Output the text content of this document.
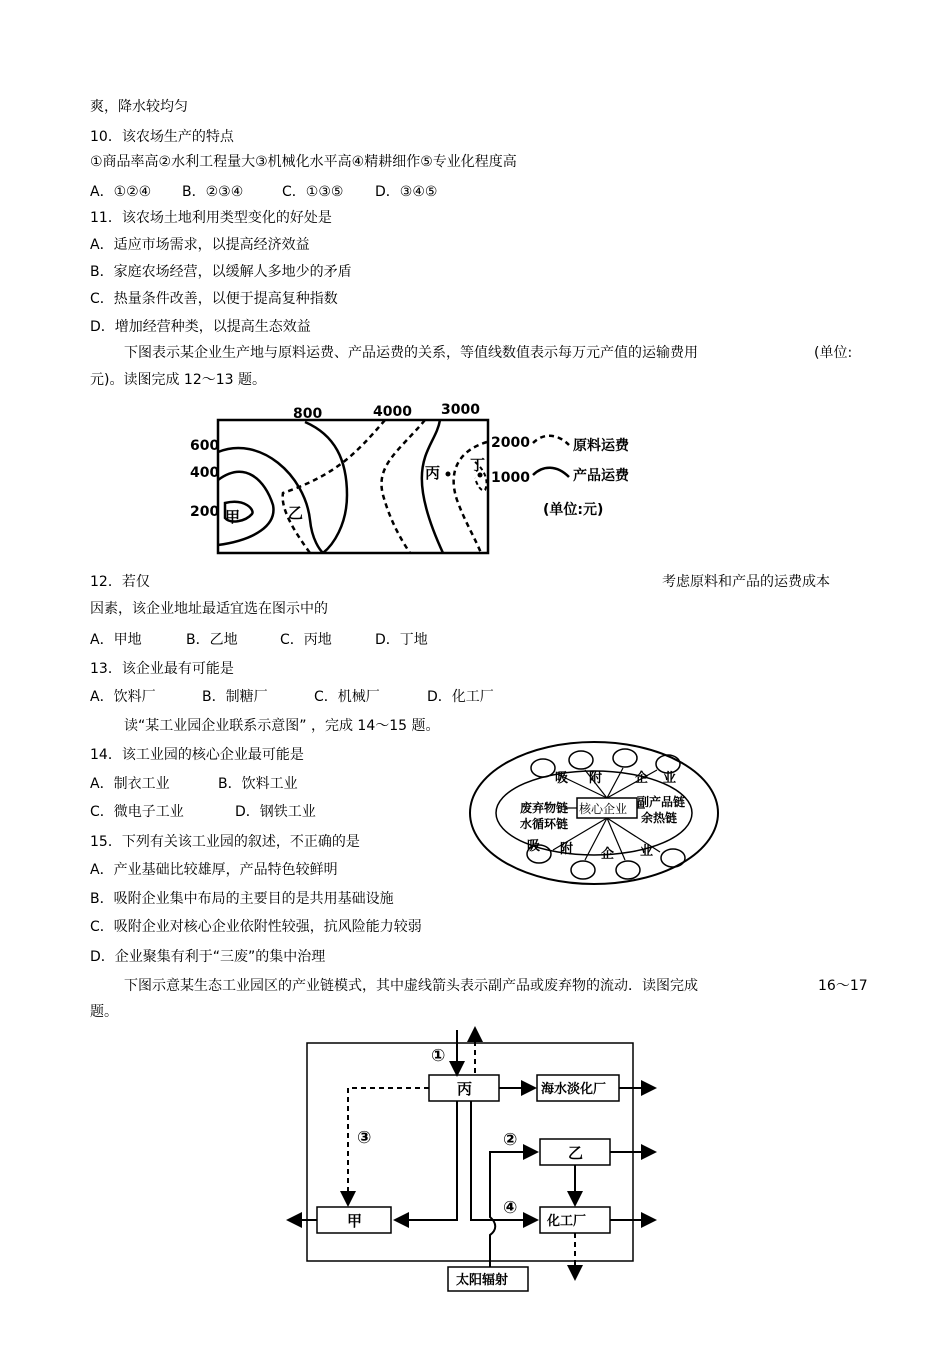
爽，降水较均匀
10．该农场生产的特点
①商品率高②水利工程量大③机械化水平高④精耕细作⑤专业化程度高
A．①②④ B．②③④	C．①③⑤ D．③④⑤
11．该农场土地利用类型变化的好处是
A．适应市场需求，以提高经济效益
B．家庭农场经营，以缓解人多地少的矛盾
C．热量条件改善，以便于提高复种指数
D．增加经营种类，以提高生态效益
下图表示某企业生产地与原料运费、产品运费的关系，等值线数值表示每万元产值的运输费用	(单位:
元)。读图完成 12～13 题。
800	4000 3000
600
400
200
2000
1000
甲	乙
丙 丁
原料运费
产品运费
(单位:元)
12．若仅	考虑原料和产品的运费成本
因素，该企业地址最适宜选在图示中的
A．甲地	B．乙地	C．丙地	D．丁地
13．该企业最有可能是
A．饮料厂	B．制糖厂	C．机械厂	D．化工厂
读“某工业园企业联系示意图” ，完成 14～15 题。
14．该工业园的核心企业最可能是
A．制衣工业	B．饮料工业
C．微电子工业	D．钢铁工业
15．下列有关该工业园的叙述，不正确的是
A．产业基础比较雄厚，产品特色较鲜明
B．吸附企业集中布局的主要目的是共用基础设施
C．吸附企业对核心企业依附性较强，抗风险能力较弱
D．企业聚集有利于“三废”的集中治理
下图示意某生态工业园区的产业链模式，其中虚线箭头表示副产品或废弃物的流动．读图完成	16～17
题。
核心企业
废弃物链
水循环链
副产品链
余热链
吸 附	企 业
吸 附 企 业
丙	海水淡化厂
乙
化工厂
甲
太阳辐射
①
②
③
④
